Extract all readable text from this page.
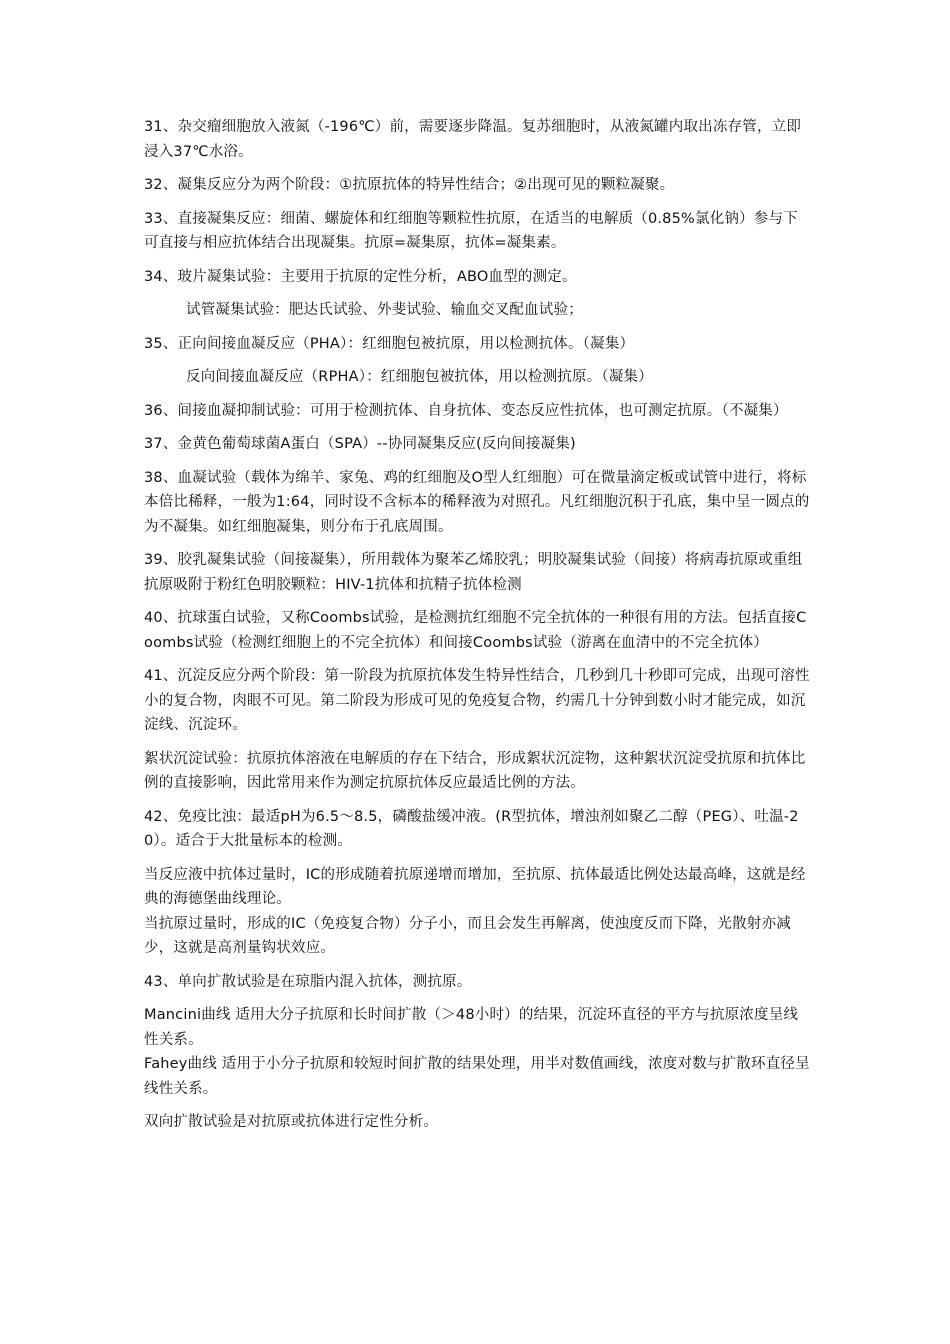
31、杂交瘤细胞放入液氮（-196℃）前，需要逐步降温。复苏细胞时，从液氮罐内取出冻存管，立即浸入37℃水浴。

32、凝集反应分为两个阶段：①抗原抗体的特异性结合；②出现可见的颗粒凝聚。

33、直接凝集反应：细菌、螺旋体和红细胞等颗粒性抗原，在适当的电解质（0.85%氯化钠）参与下可直接与相应抗体结合出现凝集。抗原=凝集原，抗体=凝集素。

34、玻片凝集试验：主要用于抗原的定性分析，ABO血型的测定。

试管凝集试验：肥达氏试验、外斐试验、输血交叉配血试验；

35、正向间接血凝反应（PHA）：红细胞包被抗原，用以检测抗体。（凝集）

反向间接血凝反应（RPHA）：红细胞包被抗体，用以检测抗原。（凝集）

36、间接血凝抑制试验：可用于检测抗体、自身抗体、变态反应性抗体，也可测定抗原。（不凝集）

37、金黄色葡萄球菌A蛋白（SPA）--协同凝集反应(反向间接凝集)

38、血凝试验（载体为绵羊、家兔、鸡的红细胞及O型人红细胞）可在微量滴定板或试管中进行，将标本倍比稀释，一般为1:64，同时设不含标本的稀释液为对照孔。凡红细胞沉积于孔底，集中呈一圆点的为不凝集。如红细胞凝集，则分布于孔底周围。

39、胶乳凝集试验（间接凝集），所用载体为聚苯乙烯胶乳；明胶凝集试验（间接）将病毒抗原或重组抗原吸附于粉红色明胶颗粒：HIV-1抗体和抗精子抗体检测

40、抗球蛋白试验，又称Coombs试验，是检测抗红细胞不完全抗体的一种很有用的方法。包括直接Coombs试验（检测红细胞上的不完全抗体）和间接Coombs试验（游离在血清中的不完全抗体）

41、沉淀反应分两个阶段：第一阶段为抗原抗体发生特异性结合，几秒到几十秒即可完成，出现可溶性小的复合物，肉眼不可见。第二阶段为形成可见的免疫复合物，约需几十分钟到数小时才能完成，如沉淀线、沉淀环。

絮状沉淀试验：抗原抗体溶液在电解质的存在下结合，形成絮状沉淀物，这种絮状沉淀受抗原和抗体比例的直接影响，因此常用来作为测定抗原抗体反应最适比例的方法。

42、免疫比浊：最适pH为6.5～8.5，磷酸盐缓冲液。(R型抗体，增浊剂如聚乙二醇（PEG）、吐温-20）。适合于大批量标本的检测。

当反应液中抗体过量时，IC的形成随着抗原递增而增加，至抗原、抗体最适比例处达最高峰，这就是经典的海德堡曲线理论。

当抗原过量时，形成的IC（免疫复合物）分子小，而且会发生再解离，使浊度反而下降，光散射亦减少，这就是高剂量钩状效应。

43、单向扩散试验是在琼脂内混入抗体，测抗原。

Mancini曲线 适用大分子抗原和长时间扩散（＞48小时）的结果，沉淀环直径的平方与抗原浓度呈线性关系。

Fahey曲线 适用于小分子抗原和较短时间扩散的结果处理，用半对数值画线，浓度对数与扩散环直径呈线性关系。

双向扩散试验是对抗原或抗体进行定性分析。
